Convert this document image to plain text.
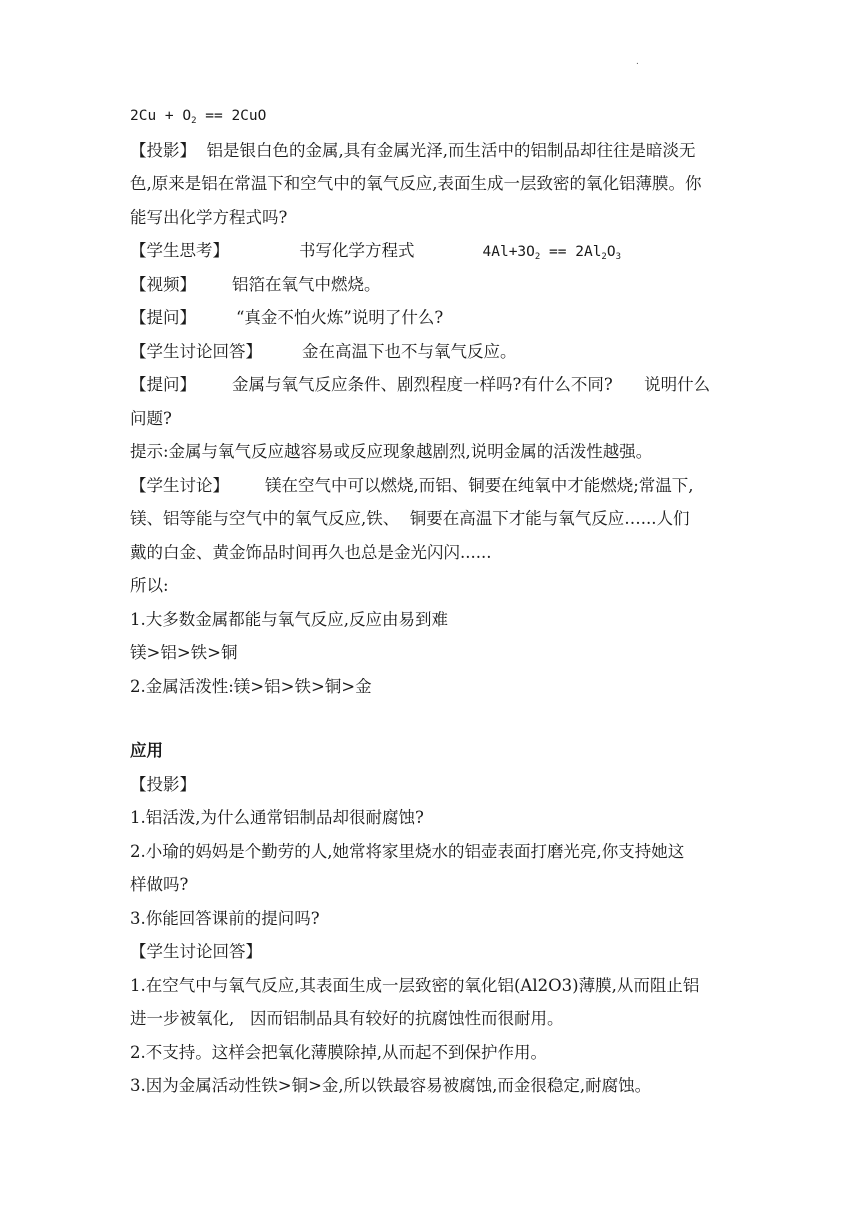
.
$2Cu + O_2 == 2CuO$
【投影】  铝是银白色的金属,具有金属光泽,而生活中的铝制品却往往是暗淡无
色,原来是铝在常温下和空气中的氧气反应,表面生成一层致密的氧化铝薄膜。你
能写出化学方程式吗?
【学生思考】	书写化学方程式	$4Al+3O_2 == 2Al_2O_3$
【视频】 铝箔在氧气中燃烧。
【提问】 “真金不怕火炼”说明了什么?
【学生讨论回答】 金在高温下也不与氧气反应。
【提问】 金属与氧气反应条件、剧烈程度一样吗?有什么不同?      说明什么
问题?
提示:金属与氧气反应越容易或反应现象越剧烈,说明金属的活泼性越强。
【学生讨论】 镁在空气中可以燃烧,而铝、铜要在纯氧中才能燃烧;常温下,
镁、铝等能与空气中的氧气反应,铁、  铜要在高温下才能与氧气反应…...人们
戴的白金、黄金饰品时间再久也总是金光闪闪......
所以:
1.大多数金属都能与氧气反应,反应由易到难
镁>铝>铁>铜
2.金属活泼性:镁>铝>铁>铜>金
应用
【投影】
1.铝活泼,为什么通常铝制品却很耐腐蚀?
2.小瑜的妈妈是个勤劳的人,她常将家里烧水的铝壶表面打磨光亮,你支持她这
样做吗?
3.你能回答课前的提问吗?
【学生讨论回答】
1.在空气中与氧气反应,其表面生成一层致密的氧化铝(Al2O3)薄膜,从而阻止铝
进一步被氧化,   因而铝制品具有较好的抗腐蚀性而很耐用。
2.不支持。这样会把氧化薄膜除掉,从而起不到保护作用。
3.因为金属活动性铁>铜>金,所以铁最容易被腐蚀,而金很稳定,耐腐蚀。
